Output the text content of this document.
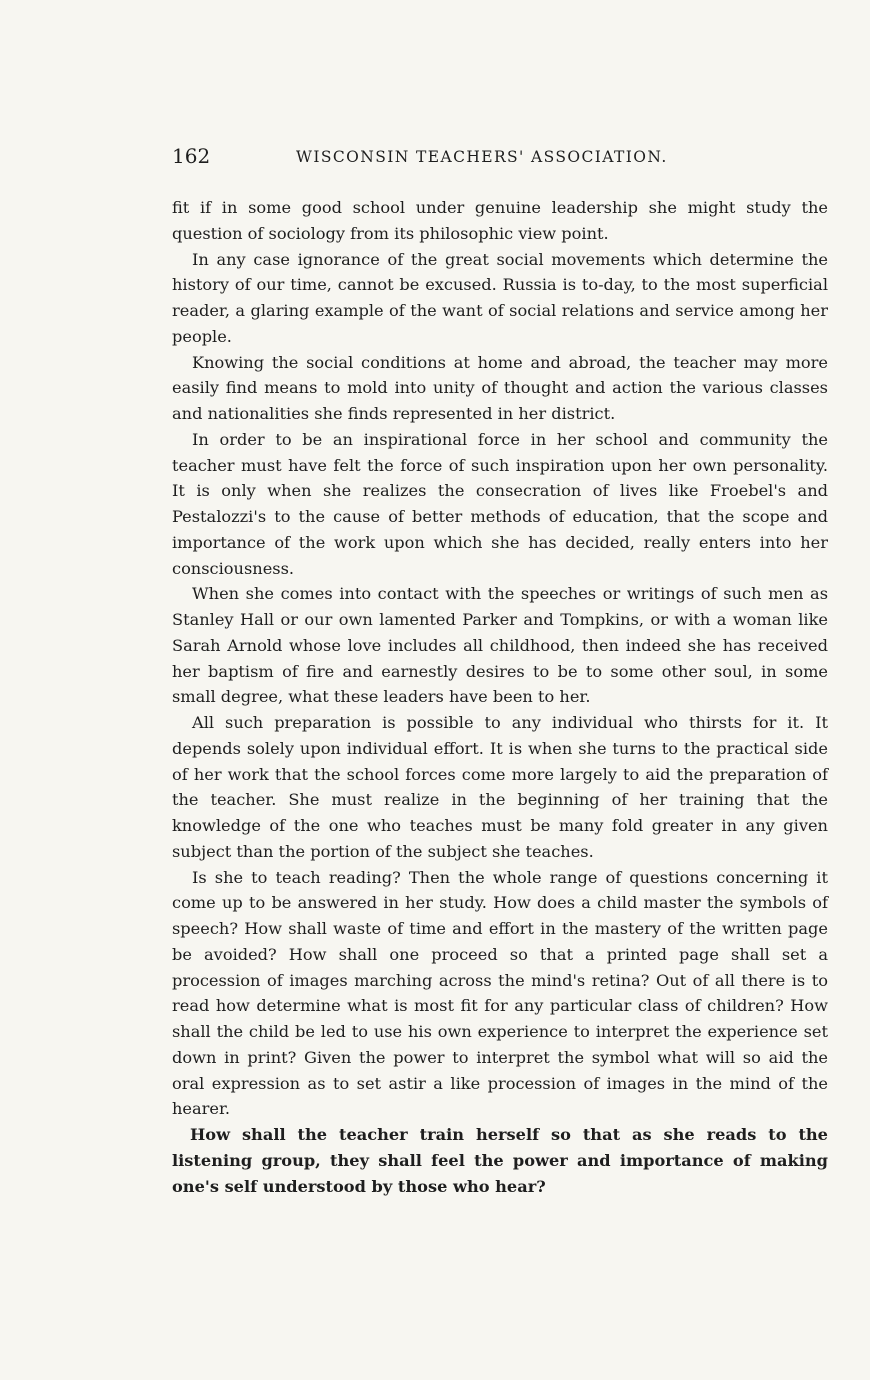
162	WISCONSIN TEACHERS' ASSOCIATION.

fit if in some good school under genuine leadership she might study the question of sociology from its philosophic view point.

In any case ignorance of the great social movements which determine the history of our time, cannot be excused. Russia is to-day, to the most superficial reader, a glaring example of the want of social relations and service among her people.

Knowing the social conditions at home and abroad, the teacher may more easily find means to mold into unity of thought and action the various classes and nationalities she finds represented in her district.

In order to be an inspirational force in her school and community the teacher must have felt the force of such inspiration upon her own personality. It is only when she realizes the consecration of lives like Froebel's and Pestalozzi's to the cause of better methods of education, that the scope and importance of the work upon which she has decided, really enters into her consciousness.

When she comes into contact with the speeches or writings of such men as Stanley Hall or our own lamented Parker and Tompkins, or with a woman like Sarah Arnold whose love includes all childhood, then indeed she has received her baptism of fire and earnestly desires to be to some other soul, in some small degree, what these leaders have been to her.

All such preparation is possible to any individual who thirsts for it. It depends solely upon individual effort. It is when she turns to the practical side of her work that the school forces come more largely to aid the preparation of the teacher. She must realize in the beginning of her training that the knowledge of the one who teaches must be many fold greater in any given subject than the portion of the subject she teaches.

Is she to teach reading? Then the whole range of questions concerning it come up to be answered in her study. How does a child master the symbols of speech? How shall waste of time and effort in the mastery of the written page be avoided? How shall one proceed so that a printed page shall set a procession of images marching across the mind's retina? Out of all there is to read how determine what is most fit for any particular class of children? How shall the child be led to use his own experience to interpret the experience set down in print? Given the power to interpret the symbol what will so aid the oral expression as to set astir a like procession of images in the mind of the hearer.

How shall the teacher train herself so that as she reads to the listening group, they shall feel the power and importance of making one's self understood by those who hear?
